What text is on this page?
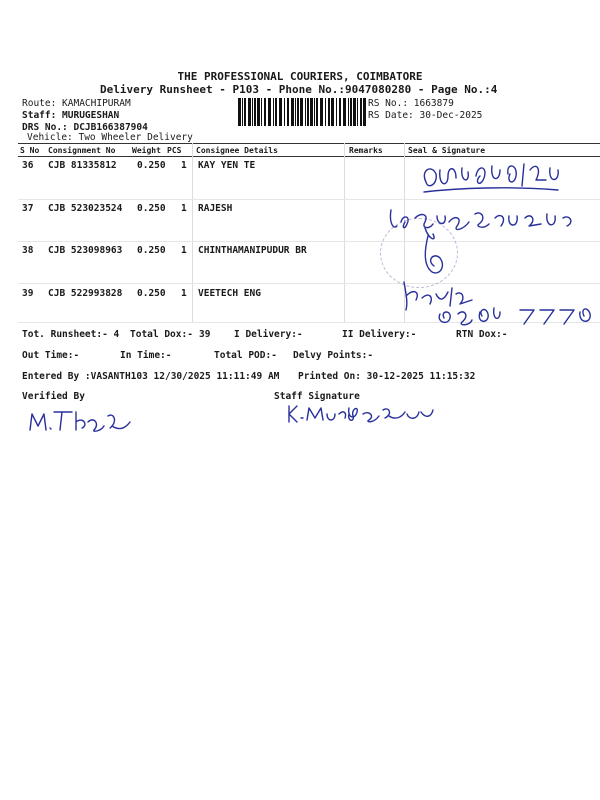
THE PROFESSIONAL COURIERS, COIMBATORE
Delivery Runsheet - P103 - Phone No.:9047080280 - Page No.:4
Route: KAMACHIPURAM
Staff: MURUGESHAN
DRS No.: DCJB166387904
Vehicle: Two Wheeler Delivery
RS No.: 1663879
RS Date: 30-Dec-2025
S No Consignment No Weight PCS Consignee Details	Remarks	Seal & Signature
36 CJB 81335812 0.250 1 KAY YEN TE
37 CJB 523023524 0.250 1 RAJESH
38 CJB 523098963 0.250 1 CHINTHAMANIPUDUR BR
39 CJB 522993828 0.250 1 VEETECH ENG
Tot. Runsheet:- 4 Total Dox:- 39 I Delivery:-	II Delivery:-	RTN Dox:-
Out Time:-	In Time:-	Total POD:- Delvy Points:-
Entered By :VASANTH103 12/30/2025 11:11:49 AM Printed On: 30-12-2025 11:15:32
Verified By	Staff Signature
